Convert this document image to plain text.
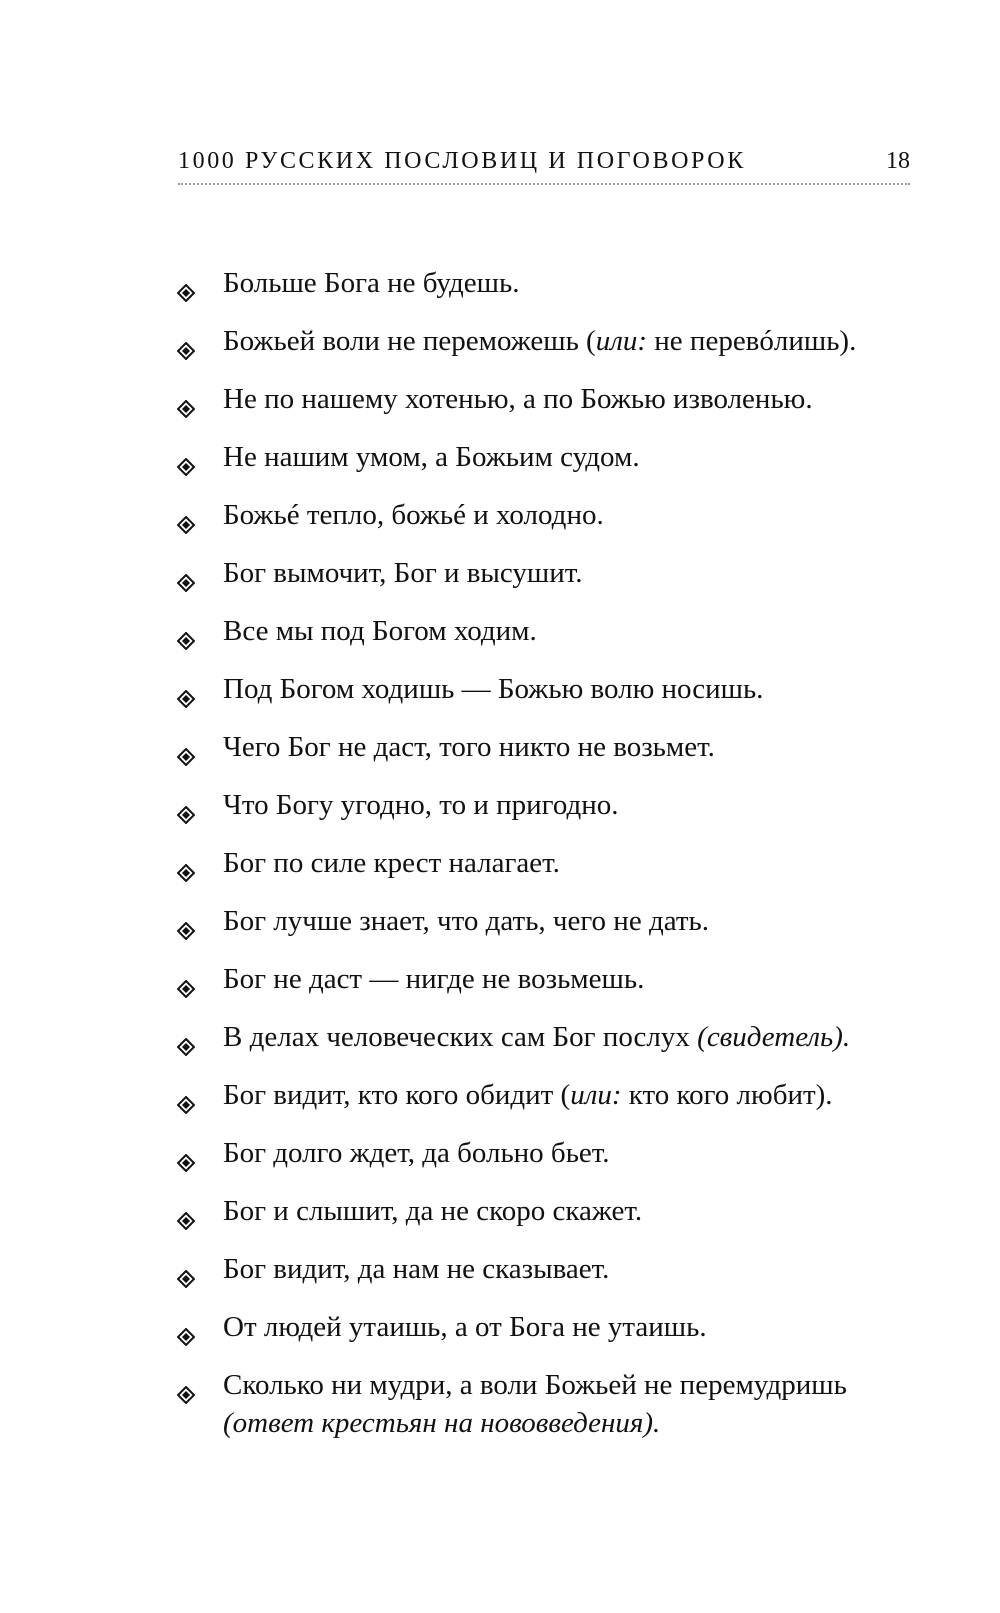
1000 РУССКИХ ПОСЛОВИЦ И ПОГОВОРОК	18
Больше Бога не будешь.
Божьей воли не переможешь (или: не перевóлишь).
Не по нашему хотенью, а по Божью изволенью.
Не нашим умом, а Божьим судом.
Божьé тепло, божьé и холодно.
Бог вымочит, Бог и высушит.
Все мы под Богом ходим.
Под Богом ходишь — Божью волю носишь.
Чего Бог не даст, того никто не возьмет.
Что Богу угодно, то и пригодно.
Бог по силе крест налагает.
Бог лучше знает, что дать, чего не дать.
Бог не даст — нигде не возьмешь.
В делах человеческих сам Бог послух (свидетель).
Бог видит, кто кого обидит (или: кто кого любит).
Бог долго ждет, да больно бьет.
Бог и слышит, да не скоро скажет.
Бог видит, да нам не сказывает.
От людей утаишь, а от Бога не утаишь.
Сколько ни мудри, а воли Божьей не перемудришь (ответ крестьян на нововведения).
